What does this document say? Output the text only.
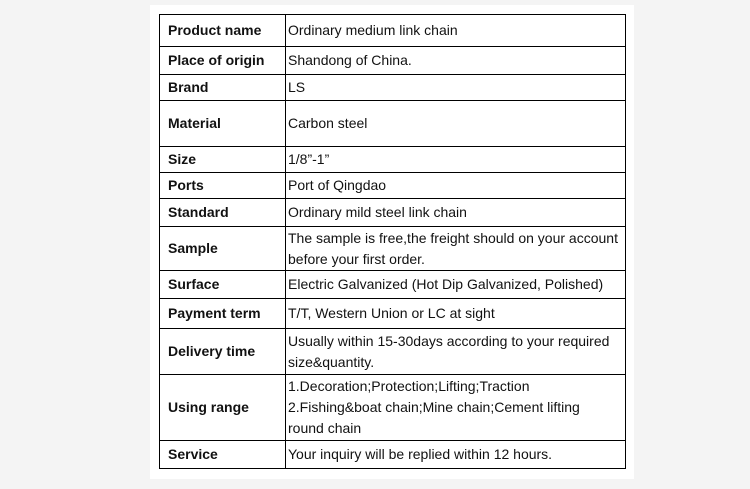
Product name	Ordinary medium link chain
Place of origin	Shandong of China.
Brand	LS
Material	Carbon steel
Size	1/8”-1”
Ports	Port of Qingdao
Standard	Ordinary mild steel link chain
Sample	The sample is free,the freight should on your account
before your first order.

Surface	Electric Galvanized (Hot Dip Galvanized, Polished)
Payment term	T/T, Western Union or LC at sight
Delivery time	Usually within 15-30days according to your required
size&quantity.

Using range	1.Decoration;Protection;Lifting;Traction
2.Fishing&boat chain;Mine chain;Cement lifting
round chain

Service	Your inquiry will be replied within 12 hours.
